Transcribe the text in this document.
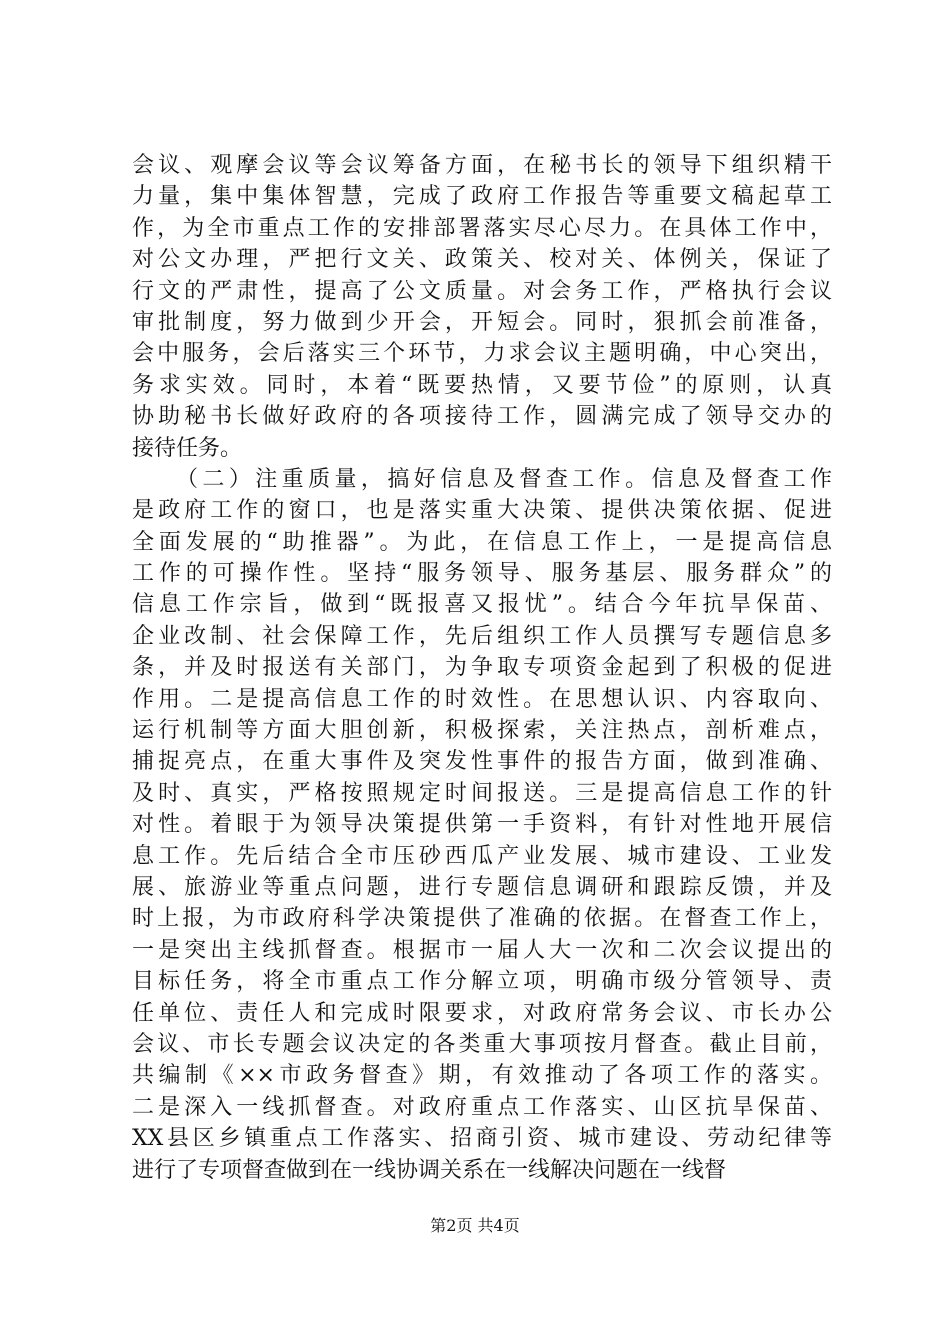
会议、观摩会议等会议筹备方面，在秘书长的领导下组织精干
力量，集中集体智慧，完成了政府工作报告等重要文稿起草工
作，为全市重点工作的安排部署落实尽心尽力。在具体工作中，
对公文办理，严把行文关、政策关、校对关、体例关，保证了
行文的严肃性，提高了公文质量。对会务工作，严格执行会议
审批制度，努力做到少开会，开短会。同时，狠抓会前准备，
会中服务，会后落实三个环节，力求会议主题明确，中心突出，
务求实效。同时，本着“既要热情，又要节俭”的原则，认真
协助秘书长做好政府的各项接待工作，圆满完成了领导交办的
接待任务。
（二）注重质量，搞好信息及督查工作。信息及督查工作
是政府工作的窗口，也是落实重大决策、提供决策依据、促进
全面发展的“助推器”。为此，在信息工作上，一是提高信息
工作的可操作性。坚持“服务领导、服务基层、服务群众”的
信息工作宗旨，做到“既报喜又报忧”。结合今年抗旱保苗、
企业改制、社会保障工作，先后组织工作人员撰写专题信息多
条，并及时报送有关部门，为争取专项资金起到了积极的促进
作用。二是提高信息工作的时效性。在思想认识、内容取向、
运行机制等方面大胆创新，积极探索，关注热点，剖析难点，
捕捉亮点，在重大事件及突发性事件的报告方面，做到准确、
及时、真实，严格按照规定时间报送。三是提高信息工作的针
对性。着眼于为领导决策提供第一手资料，有针对性地开展信
息工作。先后结合全市压砂西瓜产业发展、城市建设、工业发
展、旅游业等重点问题，进行专题信息调研和跟踪反馈，并及
时上报，为市政府科学决策提供了准确的依据。在督查工作上，
一是突出主线抓督查。根据市一届人大一次和二次会议提出的
目标任务，将全市重点工作分解立项，明确市级分管领导、责
任单位、责任人和完成时限要求，对政府常务会议、市长办公
会议、市长专题会议决定的各类重大事项按月督查。截止目前，
共编制《××市政务督查》期，有效推动了各项工作的落实。
二是深入一线抓督查。对政府重点工作落实、山区抗旱保苗、
XX县区乡镇重点工作落实、招商引资、城市建设、劳动纪律等
进行了专项督查做到在一线协调关系在一线解决问题在一线督
第2页 共4页
